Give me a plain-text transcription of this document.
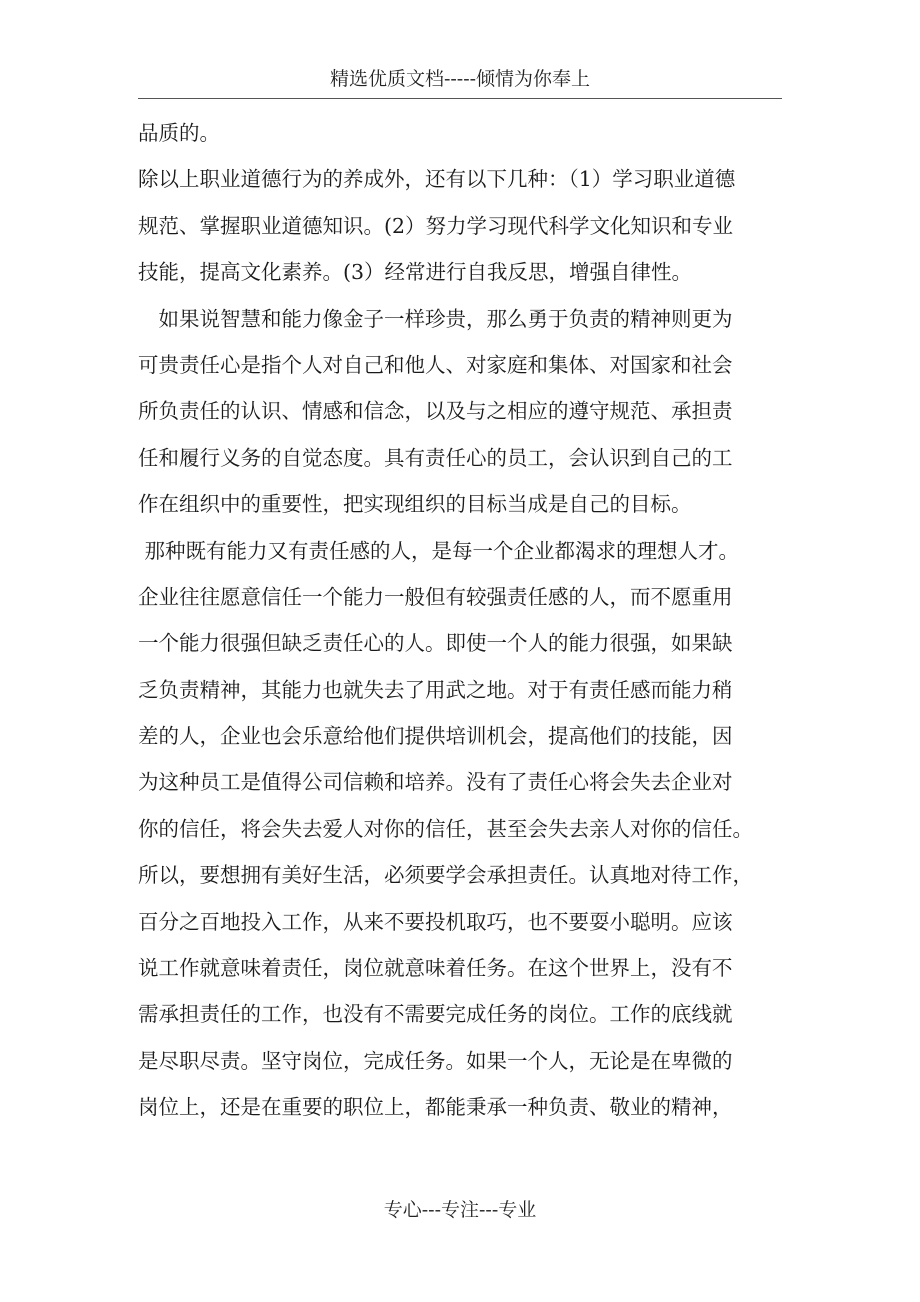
精选优质文档-----倾情为你奉上
品质的。
除以上职业道德行为的养成外，还有以下几种：（1）学习职业道德
规范、掌握职业道德知识。(2）努力学习现代科学文化知识和专业
技能，提高文化素养。(3）经常进行自我反思，增强自律性。
　如果说智慧和能力像金子一样珍贵，那么勇于负责的精神则更为
可贵责任心是指个人对自己和他人、对家庭和集体、对国家和社会
所负责任的认识、情感和信念，以及与之相应的遵守规范、承担责
任和履行义务的自觉态度。具有责任心的员工，会认识到自己的工
作在组织中的重要性，把实现组织的目标当成是自己的目标。
那种既有能力又有责任感的人，是每一个企业都渴求的理想人才。
企业往往愿意信任一个能力一般但有较强责任感的人，而不愿重用
一个能力很强但缺乏责任心的人。即使一个人的能力很强，如果缺
乏负责精神，其能力也就失去了用武之地。对于有责任感而能力稍
差的人，企业也会乐意给他们提供培训机会，提高他们的技能，因
为这种员工是值得公司信赖和培养。没有了责任心将会失去企业对
你的信任，将会失去爱人对你的信任，甚至会失去亲人对你的信任。
所以，要想拥有美好生活，必须要学会承担责任。认真地对待工作，
百分之百地投入工作，从来不要投机取巧，也不要耍小聪明。应该
说工作就意味着责任，岗位就意味着任务。在这个世界上，没有不
需承担责任的工作，也没有不需要完成任务的岗位。工作的底线就
是尽职尽责。坚守岗位，完成任务。如果一个人，无论是在卑微的
岗位上，还是在重要的职位上，都能秉承一种负责、敬业的精神，
专心---专注---专业
